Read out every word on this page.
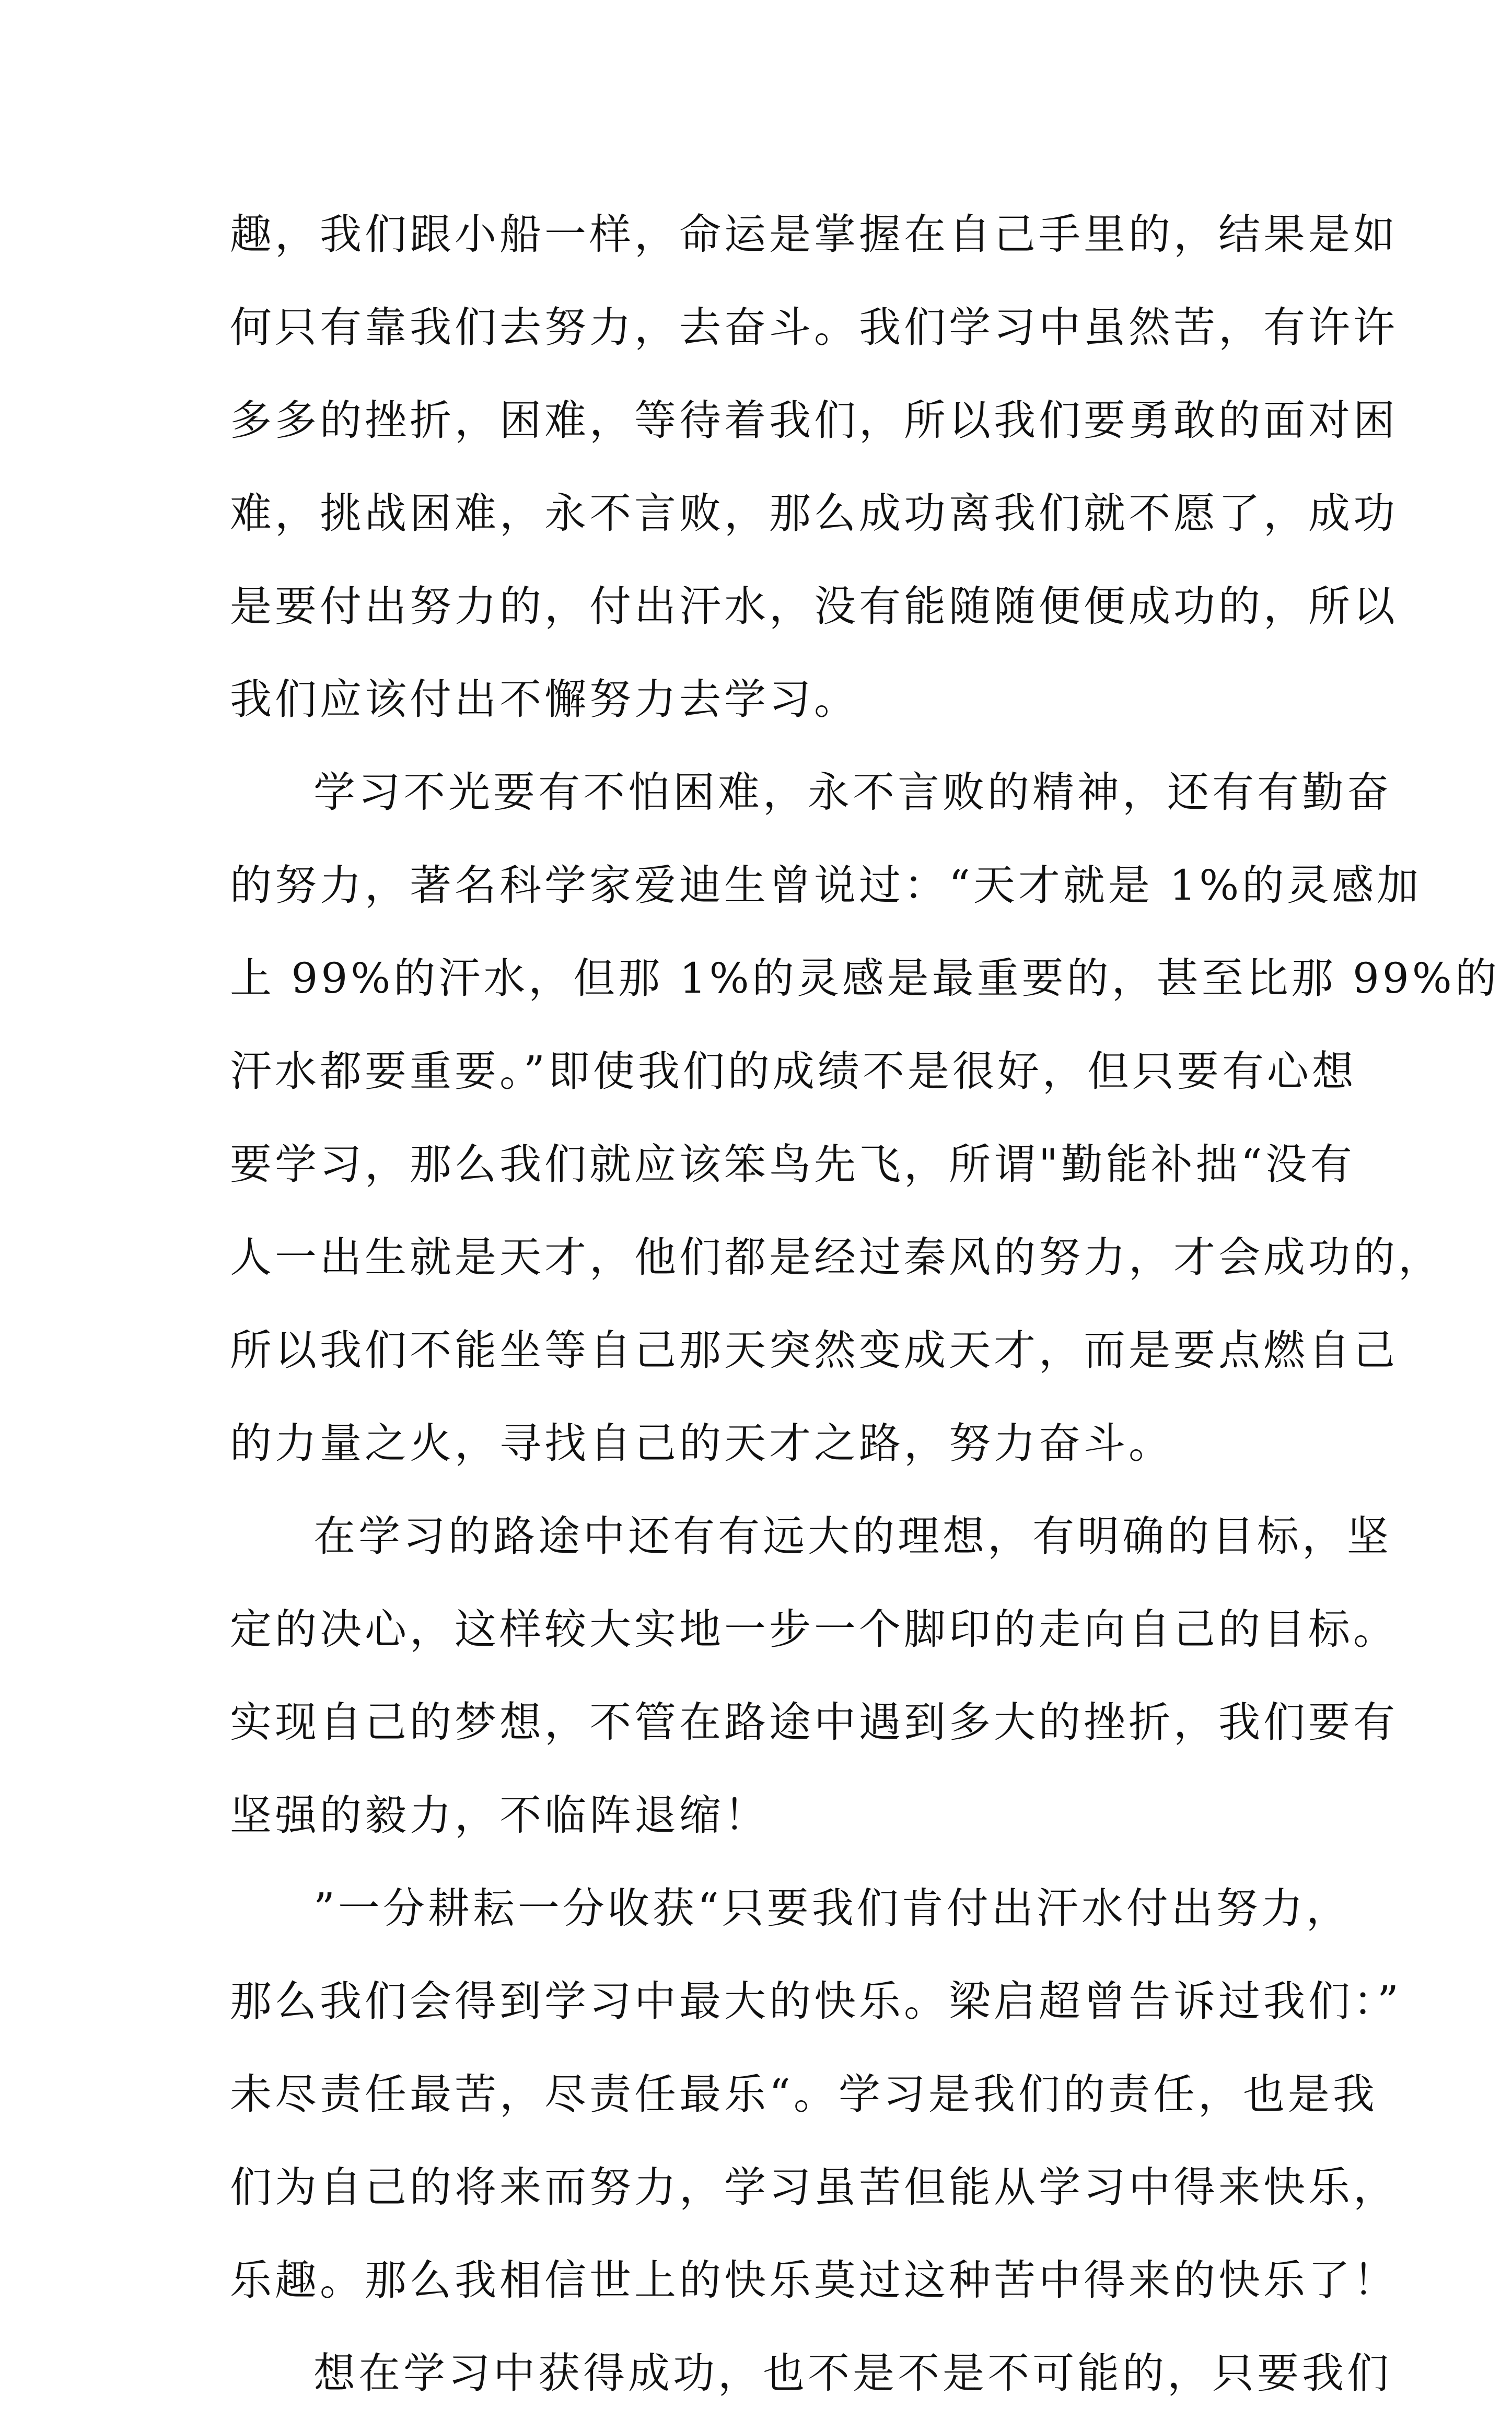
趣，我们跟小船一样，命运是掌握在自己手里的，结果是如
何只有靠我们去努力，去奋斗。我们学习中虽然苦，有许许
多多的挫折，困难，等待着我们，所以我们要勇敢的面对困
难，挑战困难，永不言败，那么成功离我们就不愿了，成功
是要付出努力的，付出汗水，没有能随随便便成功的，所以
我们应该付出不懈努力去学习。
学习不光要有不怕困难，永不言败的精神，还有有勤奋
的努力，著名科学家爱迪生曾说过：“天才就是 1%的灵感加
上 99%的汗水，但那 1%的灵感是最重要的，甚至比那 99%的
汗水都要重要。”即使我们的成绩不是很好，但只要有心想
要学习，那么我们就应该笨鸟先飞，所谓"勤能补拙“没有
人一出生就是天才，他们都是经过秦风的努力，才会成功的，
所以我们不能坐等自己那天突然变成天才，而是要点燃自己
的力量之火，寻找自己的天才之路，努力奋斗。
在学习的路途中还有有远大的理想，有明确的目标，坚
定的决心，这样较大实地一步一个脚印的走向自己的目标。
实现自己的梦想，不管在路途中遇到多大的挫折，我们要有
坚强的毅力，不临阵退缩！
”一分耕耘一分收获“只要我们肯付出汗水付出努力，
那么我们会得到学习中最大的快乐。梁启超曾告诉过我们：”
未尽责任最苦，尽责任最乐“。学习是我们的责任，也是我
们为自己的将来而努力，学习虽苦但能从学习中得来快乐，
乐趣。那么我相信世上的快乐莫过这种苦中得来的快乐了！
想在学习中获得成功，也不是不是不可能的，只要我们
